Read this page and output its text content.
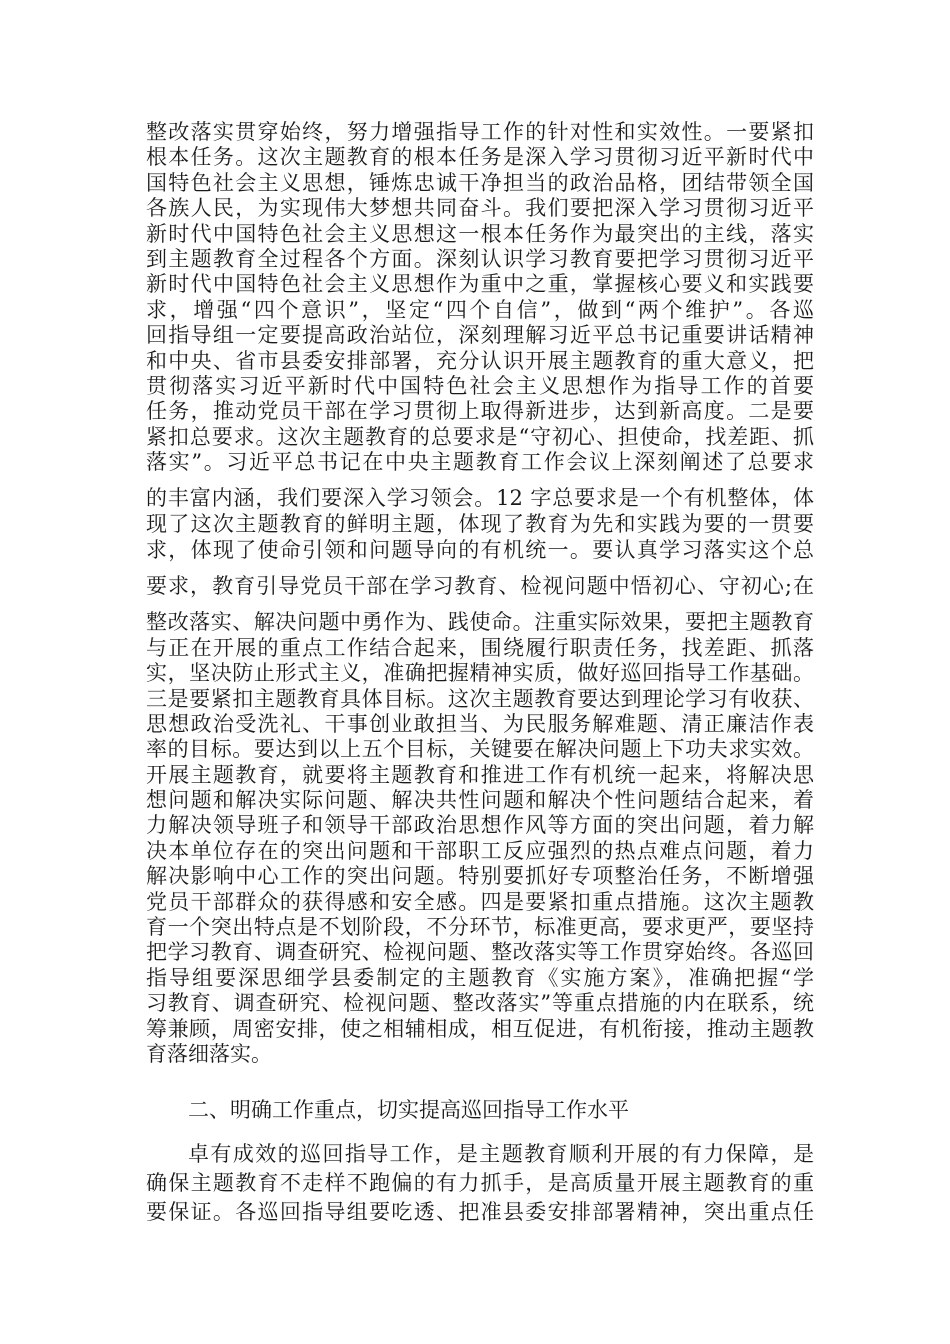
整改落实贯穿始终，努力增强指导工作的针对性和实效性。一要紧扣
根本任务。这次主题教育的根本任务是深入学习贯彻习近平新时代中
国特色社会主义思想，锤炼忠诚干净担当的政治品格，团结带领全国
各族人民，为实现伟大梦想共同奋斗。我们要把深入学习贯彻习近平
新时代中国特色社会主义思想这一根本任务作为最突出的主线，落实
到主题教育全过程各个方面。深刻认识学习教育要把学习贯彻习近平
新时代中国特色社会主义思想作为重中之重，掌握核心要义和实践要
求，增强“四个意识”，坚定“四个自信”，做到“两个维护”。各巡
回指导组一定要提高政治站位，深刻理解习近平总书记重要讲话精神
和中央、省市县委安排部署，充分认识开展主题教育的重大意义，把
贯彻落实习近平新时代中国特色社会主义思想作为指导工作的首要
任务，推动党员干部在学习贯彻上取得新进步，达到新高度。二是要
紧扣总要求。这次主题教育的总要求是“守初心、担使命，找差距、抓
落实”。习近平总书记在中央主题教育工作会议上深刻阐述了总要求
的丰富内涵，我们要深入学习领会。12 字总要求是一个有机整体，体
现了这次主题教育的鲜明主题，体现了教育为先和实践为要的一贯要
求，体现了使命引领和问题导向的有机统一。要认真学习落实这个总
要求，教育引导党员干部在学习教育、检视问题中悟初心、守初心;在
整改落实、解决问题中勇作为、践使命。注重实际效果，要把主题教育
与正在开展的重点工作结合起来，围绕履行职责任务，找差距、抓落
实，坚决防止形式主义，准确把握精神实质，做好巡回指导工作基础。
三是要紧扣主题教育具体目标。这次主题教育要达到理论学习有收获、
思想政治受洗礼、干事创业敢担当、为民服务解难题、清正廉洁作表
率的目标。要达到以上五个目标，关键要在解决问题上下功夫求实效。
开展主题教育，就要将主题教育和推进工作有机统一起来，将解决思
想问题和解决实际问题、解决共性问题和解决个性问题结合起来，着
力解决领导班子和领导干部政治思想作风等方面的突出问题，着力解
决本单位存在的突出问题和干部职工反应强烈的热点难点问题，着力
解决影响中心工作的突出问题。特别要抓好专项整治任务，不断增强
党员干部群众的获得感和安全感。四是要紧扣重点措施。这次主题教
育一个突出特点是不划阶段，不分环节，标准更高，要求更严，要坚持
把学习教育、调查研究、检视问题、整改落实等工作贯穿始终。各巡回
指导组要深思细学县委制定的主题教育《实施方案》，准确把握“学
习教育、调查研究、检视问题、整改落实”等重点措施的内在联系，统
筹兼顾，周密安排，使之相辅相成，相互促进，有机衔接，推动主题教
育落细落实。
二、明确工作重点，切实提高巡回指导工作水平
卓有成效的巡回指导工作，是主题教育顺利开展的有力保障，是
确保主题教育不走样不跑偏的有力抓手，是高质量开展主题教育的重
要保证。各巡回指导组要吃透、把准县委安排部署精神，突出重点任
